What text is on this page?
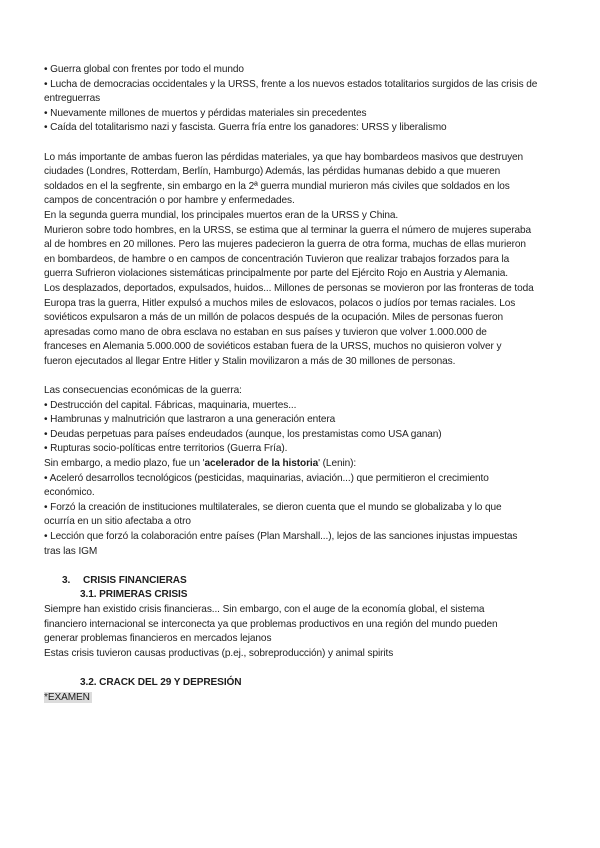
• Guerra global con frentes por todo el mundo
• Lucha de democracias occidentales y la URSS, frente a los nuevos estados totalitarios surgidos de las crisis de entreguerras
• Nuevamente millones de muertos y pérdidas materiales sin precedentes
• Caída del totalitarismo nazi y fascista. Guerra fría entre los ganadores: URSS y liberalismo
Lo más importante de ambas fueron las pérdidas materiales, ya que hay bombardeos masivos que destruyen
ciudades (Londres, Rotterdam, Berlín, Hamburgo) Además, las pérdidas humanas debido a que mueren
soldados en el la segfrente, sin embargo en la 2ª guerra mundial murieron más civiles que soldados en los
campos de concentración o por hambre y enfermedades.
En la segunda guerra mundial, los principales muertos eran de la URSS y China.
Murieron sobre todo hombres, en la URSS, se estima que al terminar la guerra el número de mujeres superaba
al de hombres en 20 millones. Pero las mujeres padecieron la guerra de otra forma, muchas de ellas murieron
en bombardeos, de hambre o en campos de concentración Tuvieron que realizar trabajos forzados para la
guerra Sufrieron violaciones sistemáticas principalmente por parte del Ejército Rojo en Austria y Alemania.
Los desplazados, deportados, expulsados, huidos... Millones de personas se movieron por las fronteras de toda
Europa tras la guerra, Hitler expulsó a muchos miles de eslovacos, polacos o judíos por temas raciales. Los
soviéticos expulsaron a más de un millón de polacos después de la ocupación. Miles de personas fueron
apresadas como mano de obra esclava no estaban en sus países y tuvieron que volver 1.000.000 de
franceses en Alemania 5.000.000 de soviéticos estaban fuera de la URSS, muchos no quisieron volver y
fueron ejecutados al llegar Entre Hitler y Stalin movilizaron a más de 30 millones de personas.
Las consecuencias económicas de la guerra:
• Destrucción del capital. Fábricas, maquinaria, muertes...
• Hambrunas y malnutrición que lastraron a una generación entera
• Deudas perpetuas para países endeudados (aunque, los prestamistas como USA ganan)
• Rupturas socio-políticas entre territorios (Guerra Fría).
Sin embargo, a medio plazo, fue un 'acelerador de la historia' (Lenin):
• Aceleró desarrollos tecnológicos (pesticidas, maquinarias, aviación...) que permitieron el crecimiento
económico.
• Forzó la creación de instituciones multilaterales, se dieron cuenta que el mundo se globalizaba y lo que
ocurría en un sitio afectaba a otro
• Lección que forzó la colaboración entre países (Plan Marshall...), lejos de las sanciones injustas impuestas
tras las IGM
3. CRISIS FINANCIERAS
3.1. PRIMERAS CRISIS
Siempre han existido crisis financieras... Sin embargo, con el auge de la economía global, el sistema
financiero internacional se interconecta ya que problemas productivos en una región del mundo pueden
generar problemas financieros en mercados lejanos
Estas crisis tuvieron causas productivas (p.ej., sobreproducción) y animal spirits
3.2. CRACK DEL 29 Y DEPRESIÓN
*EXAMEN
